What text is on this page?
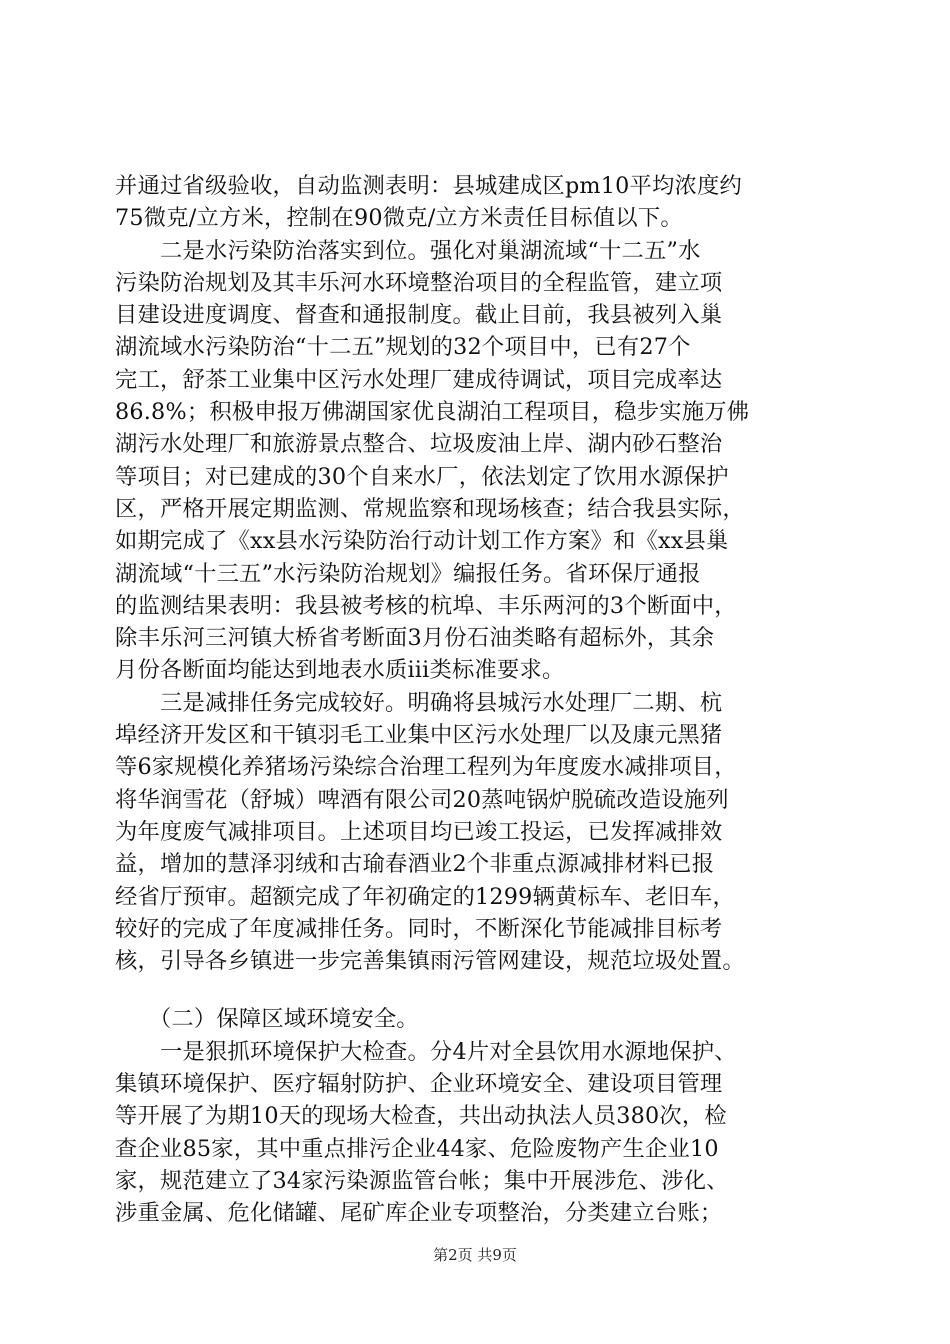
并通过省级验收，自动监测表明：县城建成区pm10平均浓度约
75微克/立方米，控制在90微克/立方米责任目标值以下。
　　二是水污染防治落实到位。强化对巢湖流域“十二五”水
污染防治规划及其丰乐河水环境整治项目的全程监管，建立项
目建设进度调度、督查和通报制度。截止目前，我县被列入巢
湖流域水污染防治“十二五”规划的32个项目中，已有27个
完工，舒茶工业集中区污水处理厂建成待调试，项目完成率达
86.8%；积极申报万佛湖国家优良湖泊工程项目，稳步实施万佛
湖污水处理厂和旅游景点整合、垃圾废油上岸、湖内砂石整治
等项目；对已建成的30个自来水厂，依法划定了饮用水源保护
区，严格开展定期监测、常规监察和现场核查；结合我县实际，
如期完成了《xx县水污染防治行动计划工作方案》和《xx县巢
湖流域“十三五”水污染防治规划》编报任务。省环保厅通报
的监测结果表明：我县被考核的杭埠、丰乐两河的3个断面中，
除丰乐河三河镇大桥省考断面3月份石油类略有超标外，其余
月份各断面均能达到地表水质iii类标准要求。
　　三是减排任务完成较好。明确将县城污水处理厂二期、杭
埠经济开发区和干镇羽毛工业集中区污水处理厂以及康元黑猪
等6家规模化养猪场污染综合治理工程列为年度废水减排项目，
将华润雪花（舒城）啤酒有限公司20蒸吨锅炉脱硫改造设施列
为年度废气减排项目。上述项目均已竣工投运，已发挥减排效
益，增加的慧泽羽绒和古瑜春酒业2个非重点源减排材料已报
经省厅预审。超额完成了年初确定的1299辆黄标车、老旧车，
较好的完成了年度减排任务。同时，不断深化节能减排目标考
核，引导各乡镇进一步完善集镇雨污管网建设，规范垃圾处置。
　　（二）保障区域环境安全。
　　一是狠抓环境保护大检查。分4片对全县饮用水源地保护、
集镇环境保护、医疗辐射防护、企业环境安全、建设项目管理
等开展了为期10天的现场大检查，共出动执法人员380次，检
查企业85家，其中重点排污企业44家、危险废物产生企业10
家，规范建立了34家污染源监管台帐；集中开展涉危、涉化、
涉重金属、危化储罐、尾矿库企业专项整治，分类建立台账；
第2页 共9页
